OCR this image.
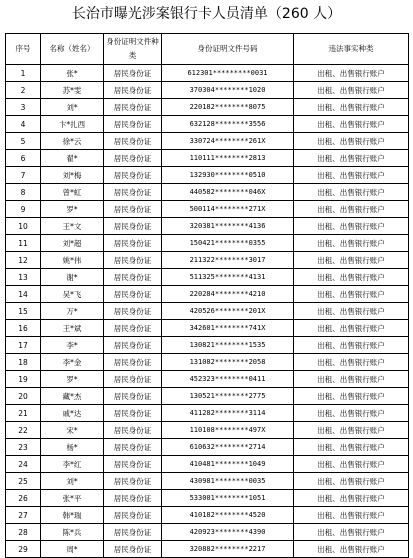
长治市曝光涉案银行卡人员清单（260 人）
序号	名称（姓名）	身份证明文件种类	身份证明文件号码	违法事实种类
1	张*	居民身份证	612301*********0031	出租、出售银行账户
2	苏*雯	居民身份证	370304********1020	出租、出售银行账户
3	刘*	居民身份证	220182********8075	出租、出售银行账户
4	卞*扎西	居民身份证	632128********3556	出租、出售银行账户
5	徐*云	居民身份证	330724********261X	出租、出售银行账户
6	翟*	居民身份证	110111********2813	出租、出售银行账户
7	刘*梅	居民身份证	132930********0510	出租、出售银行账户
8	曾*虹	居民身份证	440582********046X	出租、出售银行账户
9	罗*	居民身份证	500114********271X	出租、出售银行账户
10	王*文	居民身份证	320381********4136	出租、出售银行账户
11	刘*超	居民身份证	150421********0355	出租、出售银行账户
12	姚*伟	居民身份证	211322********3017	出租、出售银行账户
13	谢*	居民身份证	511325********4131	出租、出售银行账户
14	吴*飞	居民身份证	220284********4210	出租、出售银行账户
15	万*	居民身份证	420526********201X	出租、出售银行账户
16	王*斌	居民身份证	342601********741X	出租、出售银行账户
17	李*	居民身份证	130821********1535	出租、出售银行账户
18	李*金	居民身份证	131082********2058	出租、出售银行账户
19	罗*	居民身份证	452323********0411	出租、出售银行账户
20	藏*杰	居民身份证	130521********2775	出租、出售银行账户
21	戚*达	居民身份证	411282********3114	出租、出售银行账户
22	宋*	居民身份证	110108********497X	出租、出售银行账户
23	杨*	居民身份证	610632********2714	出租、出售银行账户
24	李*红	居民身份证	410481********1049	出租、出售银行账户
25	刘*	居民身份证	430981********0035	出租、出售银行账户
26	张*平	居民身份证	533001********1051	出租、出售银行账户
27	韩*瑞	居民身份证	410182********4520	出租、出售银行账户
28	陈*兵	居民身份证	420923********4390	出租、出售银行账户
29	周*	居民身份证	320882********2217	出租、出售银行账户
